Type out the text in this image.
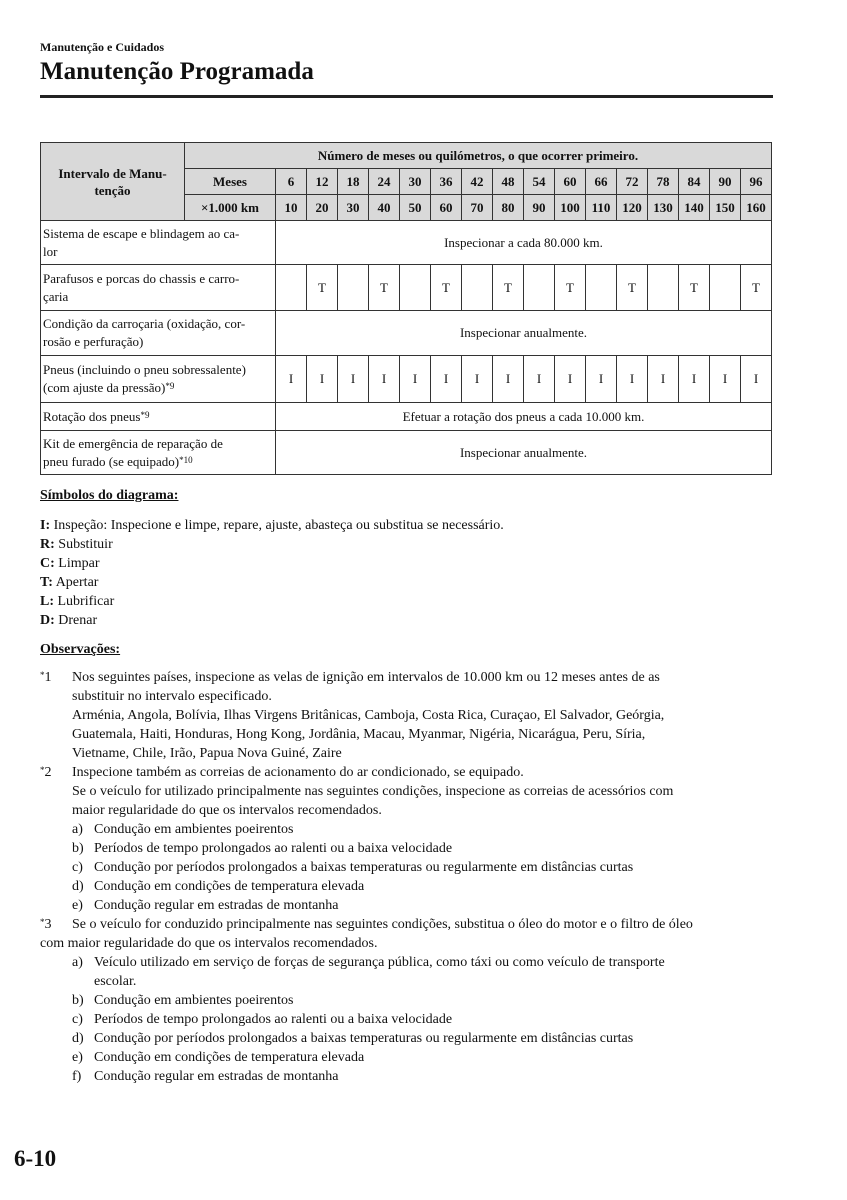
Manutenção e Cuidados
Manutenção Programada
Intervalo de Manu-
tenção	Número de meses ou quilómetros, o que ocorrer primeiro.																
	Meses	6	12	18	24	30	36	42	48	54	60	66	72	78	84	90	96
	×1.000 km	10	20	30	40	50	60	70	80	90	100	110	120	130	140	150	160
Sistema de escape e blindagem ao ca-
lor		Inspecionar a cada 80.000 km.															
Parafusos e porcas do chassis e carro-
çaria			T		T		T		T		T		T		T		T
Condição da carroçaria (oxidação, cor-
rosão e perfuração)		Inspecionar anualmente.															
Pneus (incluindo o pneu sobressalente)
(com ajuste da pressão)$^{*9}$		I	I	I	I	I	I	I	I	I	I	I	I	I	I	I	I
Rotação dos pneus$^{*9}$		Efetuar a rotação dos pneus a cada 10.000 km.															
Kit de emergência de reparação de
pneu furado (se equipado)$^{*10}$		Inspecionar anualmente.															

Símbolos do diagrama:

I: Inspeção: Inspecione e limpe, repare, ajuste, abasteça ou substitua se necessário.
R: Substituir
C: Limpar
T: Apertar
L: Lubrificar
D: Drenar

Observações:

*1 Nos seguintes países, inspecione as velas de ignição em intervalos de 10.000 km ou 12 meses antes de as
substituir no intervalo especificado.
Arménia, Angola, Bolívia, Ilhas Virgens Britânicas, Camboja, Costa Rica, Curaçao, El Salvador, Geórgia,
Guatemala, Haiti, Honduras, Hong Kong, Jordânia, Macau, Myanmar, Nigéria, Nicarágua, Peru, Síria,
Vietname, Chile, Irão, Papua Nova Guiné, Zaire
*2 Inspecione também as correias de acionamento do ar condicionado, se equipado.
Se o veículo for utilizado principalmente nas seguintes condições, inspecione as correias de acessórios com
maior regularidade do que os intervalos recomendados.
a) Condução em ambientes poeirentos
b) Períodos de tempo prolongados ao ralenti ou a baixa velocidade
c) Condução por períodos prolongados a baixas temperaturas ou regularmente em distâncias curtas
d) Condução em condições de temperatura elevada
e) Condução regular em estradas de montanha
*3 Se o veículo for conduzido principalmente nas seguintes condições, substitua o óleo do motor e o filtro de óleo
com maior regularidade do que os intervalos recomendados.
a) Veículo utilizado em serviço de forças de segurança pública, como táxi ou como veículo de transporte
escolar.
b) Condução em ambientes poeirentos
c) Períodos de tempo prolongados ao ralenti ou a baixa velocidade
d) Condução por períodos prolongados a baixas temperaturas ou regularmente em distâncias curtas
e) Condução em condições de temperatura elevada
f) Condução regular em estradas de montanha
6-10
